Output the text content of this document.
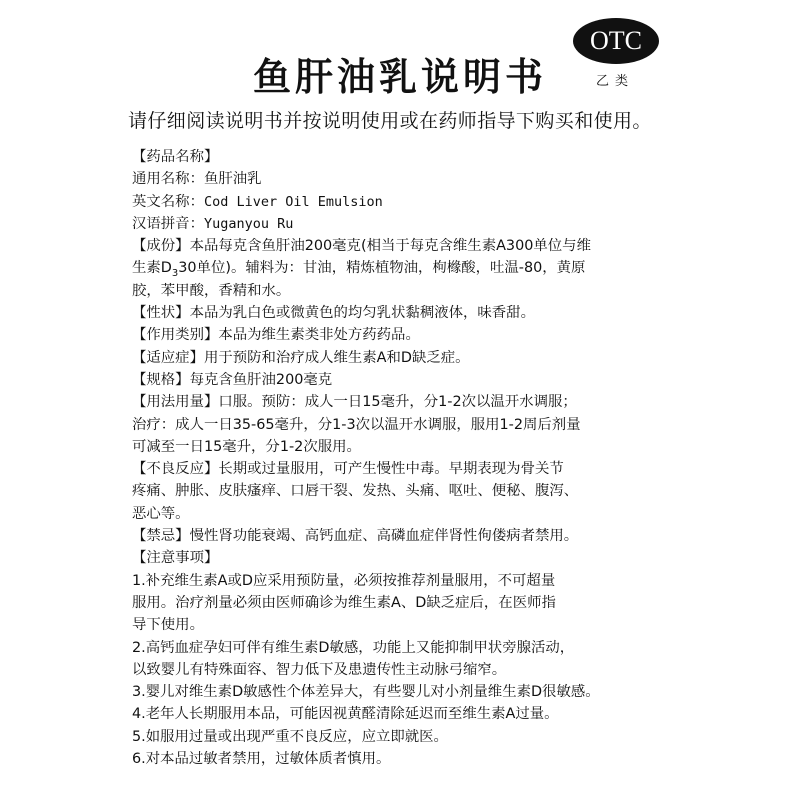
OTC
乙类
鱼肝油乳说明书
请仔细阅读说明书并按说明使用或在药师指导下购买和使用。
【药品名称】
通用名称：鱼肝油乳
英文名称：Cod Liver Oil Emulsion
汉语拼音：Yuganyou Ru
【成份】本品每克含鱼肝油200毫克(相当于每克含维生素A300单位与维
生素$D_330$单位)。辅料为：甘油，精炼植物油，枸橼酸，吐温-80，黄原
胶，苯甲酸，香精和水。
【性状】本品为乳白色或微黄色的均匀乳状黏稠液体，味香甜。
【作用类别】本品为维生素类非处方药药品。
【适应症】用于预防和治疗成人维生素A和D缺乏症。
【规格】每克含鱼肝油200毫克
【用法用量】口服。预防：成人一日15毫升，分1-2次以温开水调服；
治疗：成人一日35-65毫升，分1-3次以温开水调服，服用1-2周后剂量
可减至一日15毫升，分1-2次服用。
【不良反应】长期或过量服用，可产生慢性中毒。早期表现为骨关节
疼痛、肿胀、皮肤瘙痒、口唇干裂、发热、头痛、呕吐、便秘、腹泻、
恶心等。
【禁忌】慢性肾功能衰竭、高钙血症、高磷血症伴肾性佝偻病者禁用。
【注意事项】
1.补充维生素A或D应采用预防量，必须按推荐剂量服用，不可超量
服用。治疗剂量必须由医师确诊为维生素A、D缺乏症后，在医师指
导下使用。
2.高钙血症孕妇可伴有维生素D敏感，功能上又能抑制甲状旁腺活动，
以致婴儿有特殊面容、智力低下及患遗传性主动脉弓缩窄。
3.婴儿对维生素D敏感性个体差异大，有些婴儿对小剂量维生素D很敏感。
4.老年人长期服用本品，可能因视黄醛清除延迟而至维生素A过量。
5.如服用过量或出现严重不良反应，应立即就医。
6.对本品过敏者禁用，过敏体质者慎用。
